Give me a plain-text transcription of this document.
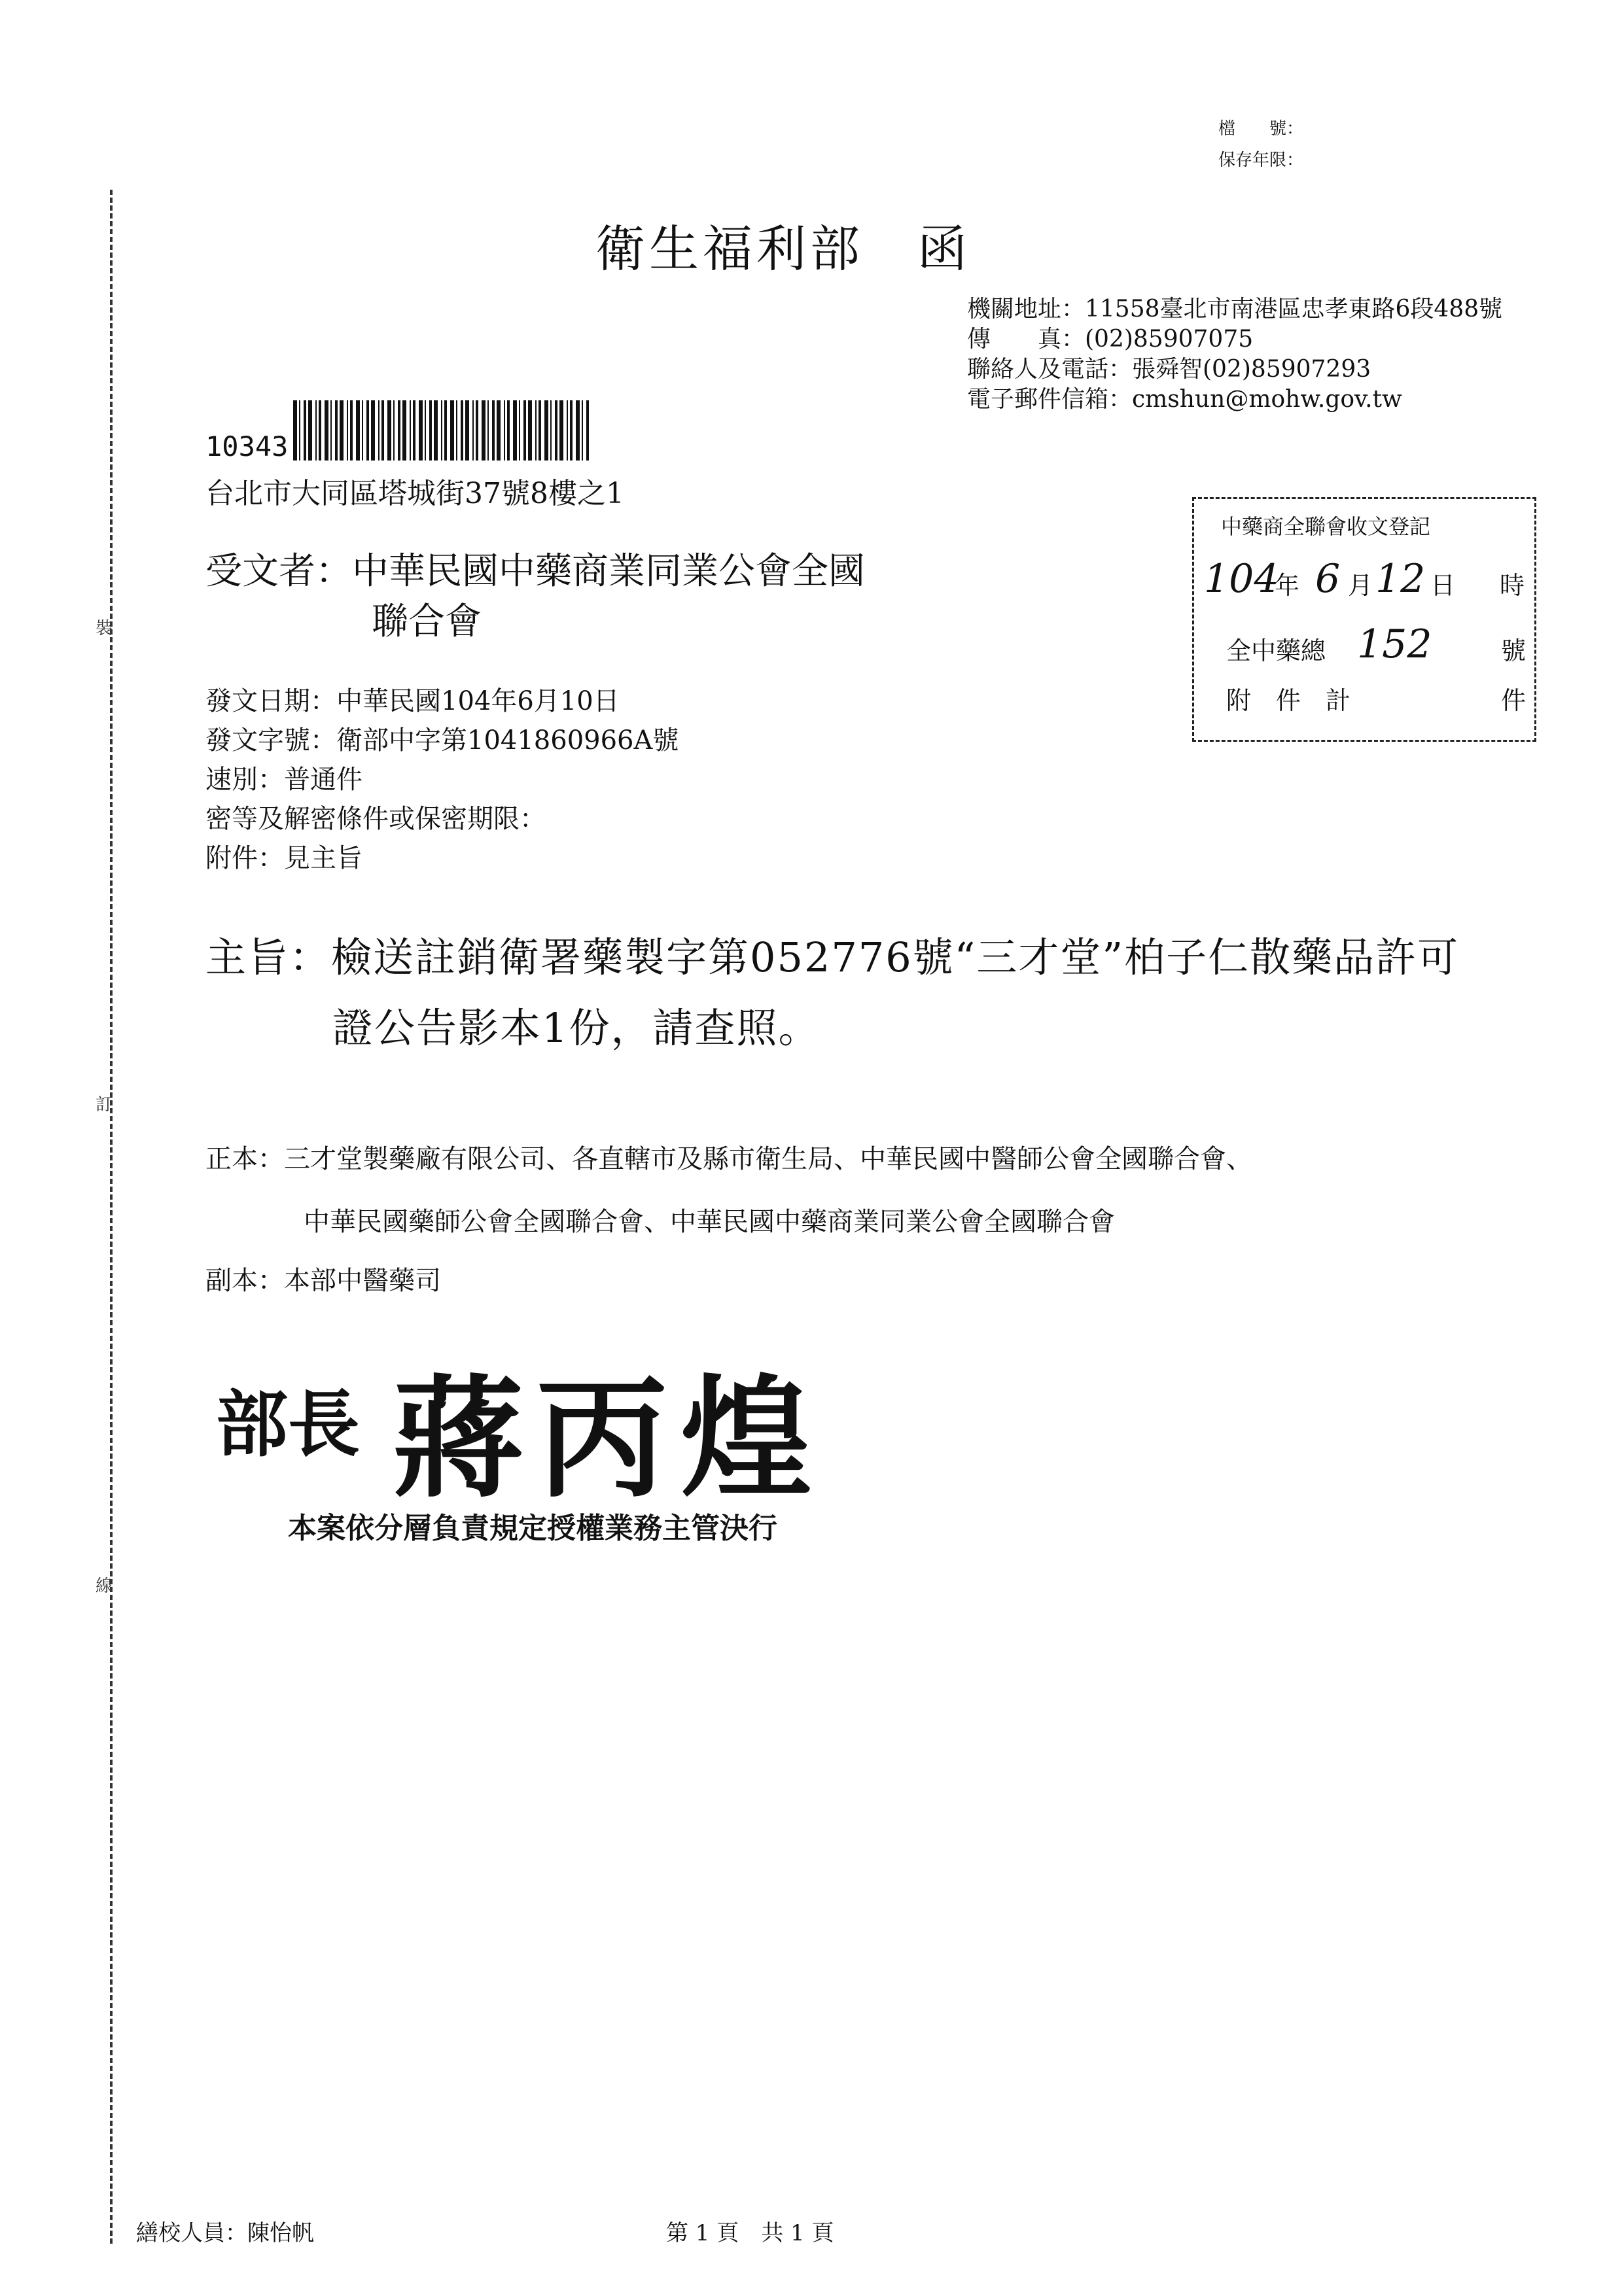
裝
訂
線
檔　　號：
保存年限：
衛生福利部　函
機關地址：11558臺北市南港區忠孝東路6段488號
傳　　真：(02)85907075
聯絡人及電話：張舜智(02)85907293
電子郵件信箱：cmshun@mohw.gov.tw
10343
台北市大同區塔城街37號8樓之1
中藥商全聯會收文登記
104
年 6 月 12 日 時
全中藥總 152	號
附　件　計	件
受文者：中華民國中藥商業同業公會全國
聯合會
發文日期：中華民國104年6月10日
發文字號：衛部中字第1041860966A號
速別：普通件
密等及解密條件或保密期限：
附件：見主旨
主旨：檢送註銷衛署藥製字第052776號“三才堂”柏子仁散藥品許可
證公告影本1份，請查照。
正本：三才堂製藥廠有限公司、各直轄市及縣市衛生局、中華民國中醫師公會全國聯合會、
中華民國藥師公會全國聯合會、中華民國中藥商業同業公會全國聯合會
副本：本部中醫藥司
部長 蔣丙煌
本案依分層負責規定授權業務主管決行
繕校人員：陳怡帆	第 1 頁　共 1 頁
